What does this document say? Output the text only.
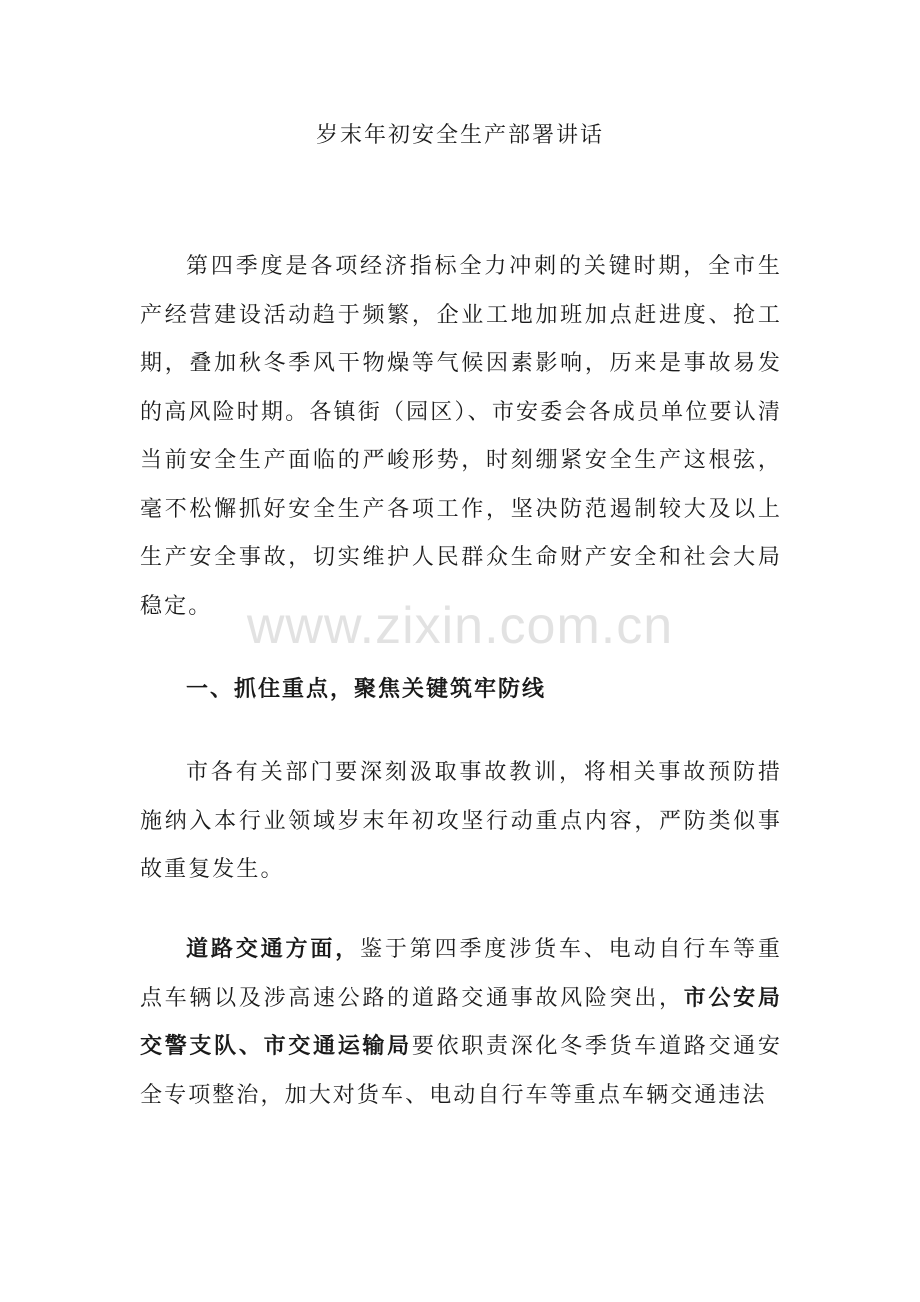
岁末年初安全生产部署讲话

第四季度是各项经济指标全力冲刺的关键时期，全市生产经营建设活动趋于频繁，企业工地加班加点赶进度、抢工期，叠加秋冬季风干物燥等气候因素影响，历来是事故易发的高风险时期。各镇街（园区）、市安委会各成员单位要认清当前安全生产面临的严峻形势，时刻绷紧安全生产这根弦，毫不松懈抓好安全生产各项工作，坚决防范遏制较大及以上生产安全事故，切实维护人民群众生命财产安全和社会大局稳定。

一、抓住重点，聚焦关键筑牢防线

市各有关部门要深刻汲取事故教训，将相关事故预防措施纳入本行业领域岁末年初攻坚行动重点内容，严防类似事故重复发生。

道路交通方面，鉴于第四季度涉货车、电动自行车等重点车辆以及涉高速公路的道路交通事故风险突出，市公安局交警支队、市交通运输局要依职责深化冬季货车道路交通安全专项整治，加大对货车、电动自行车等重点车辆交通违法

www.zixin.com.cn
